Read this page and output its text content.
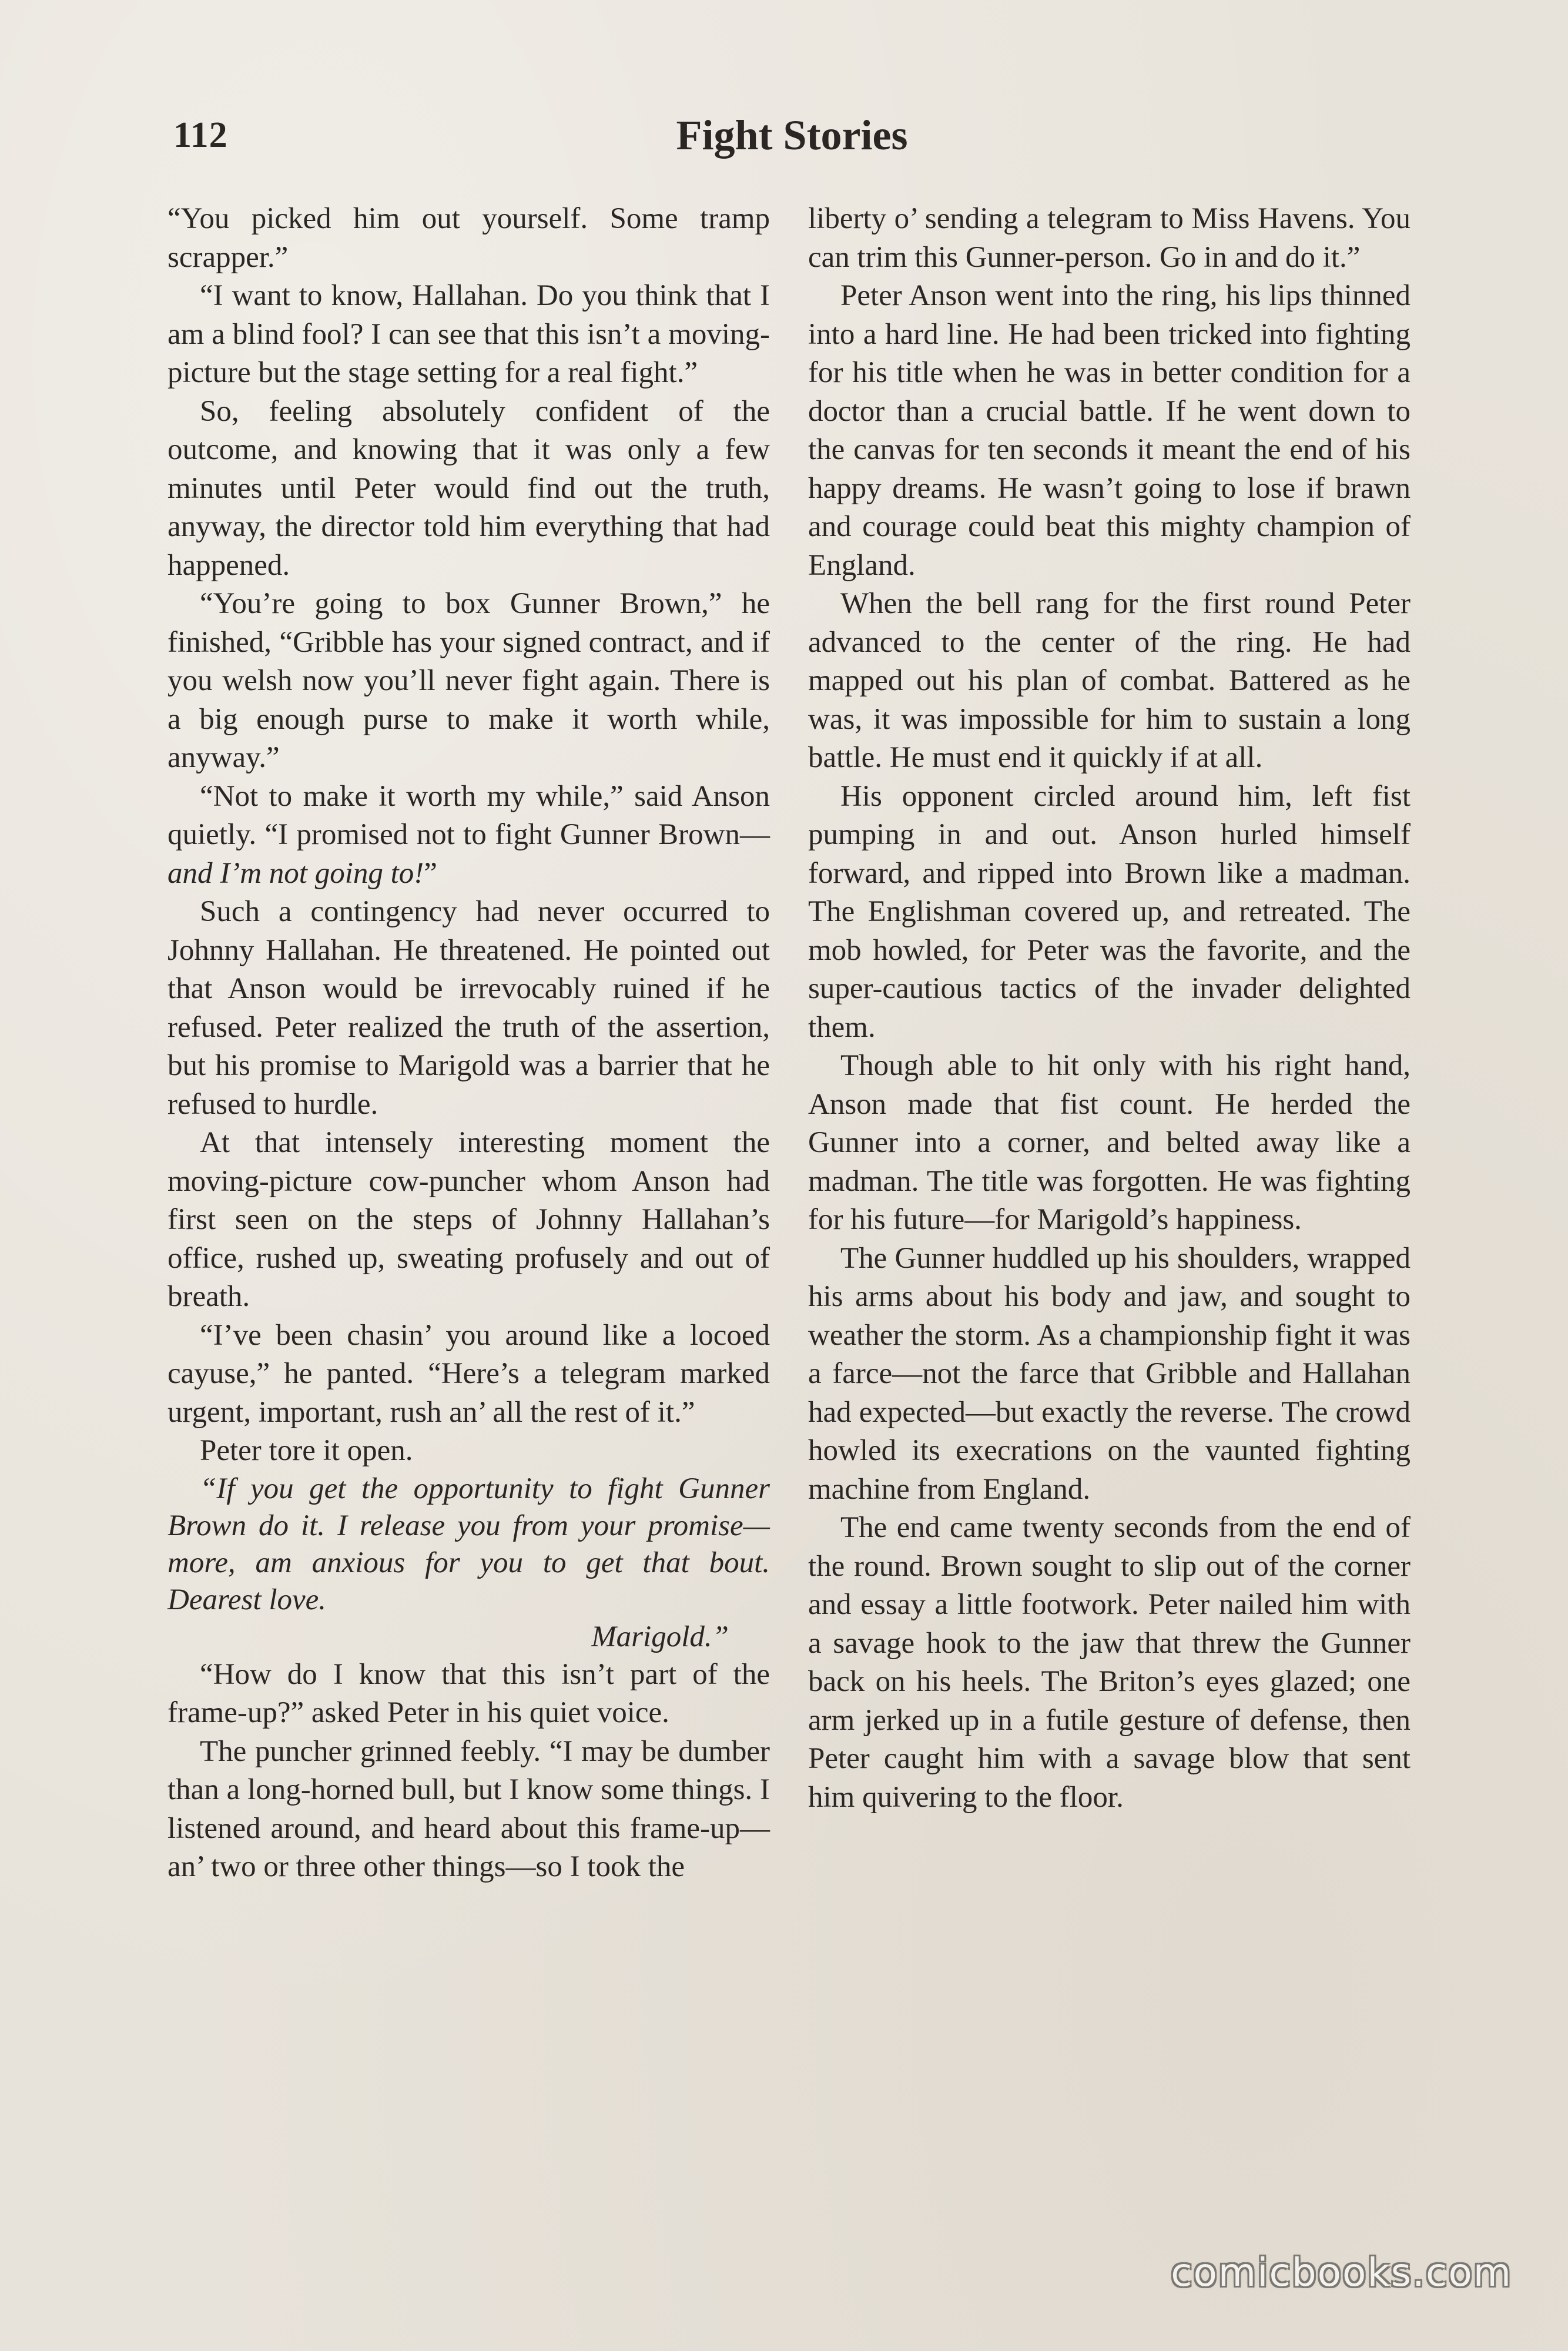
112	Fight Stories

“You picked him out yourself. Some tramp scrapper.”

“I want to know, Hallahan. Do you think that I am a blind fool? I can see that this isn’t a moving-picture but the stage setting for a real fight.”

So, feeling absolutely confident of the outcome, and knowing that it was only a few minutes until Peter would find out the truth, anyway, the director told him everything that had happened.

“You’re going to box Gunner Brown,” he finished, “Gribble has your signed contract, and if you welsh now you’ll never fight again. There is a big enough purse to make it worth while, anyway.”

“Not to make it worth my while,” said Anson quietly. “I promised not to fight Gunner Brown—and I’m not going to!”

Such a contingency had never occurred to Johnny Hallahan. He threatened. He pointed out that Anson would be irrevocably ruined if he refused. Peter realized the truth of the assertion, but his promise to Marigold was a barrier that he refused to hurdle.

At that intensely interesting moment the moving-picture cow-puncher whom Anson had first seen on the steps of Johnny Hallahan’s office, rushed up, sweating profusely and out of breath.

“I’ve been chasin’ you around like a locoed cayuse,” he panted. “Here’s a telegram marked urgent, important, rush an’ all the rest of it.”

Peter tore it open.

“If you get the opportunity to fight Gunner Brown do it. I release you from your promise—more, am anxious for you to get that bout. Dearest love.
Marigold.”

“How do I know that this isn’t part of the frame-up?” asked Peter in his quiet voice.

The puncher grinned feebly. “I may be dumber than a long-horned bull, but I know some things. I listened around, and heard about this frame-up—an’ two or three other things—so I took the

liberty o’ sending a telegram to Miss Havens. You can trim this Gunner-person. Go in and do it.”

Peter Anson went into the ring, his lips thinned into a hard line. He had been tricked into fighting for his title when he was in better condition for a doctor than a crucial battle. If he went down to the canvas for ten seconds it meant the end of his happy dreams. He wasn’t going to lose if brawn and courage could beat this mighty champion of England.

When the bell rang for the first round Peter advanced to the center of the ring. He had mapped out his plan of combat. Battered as he was, it was impossible for him to sustain a long battle. He must end it quickly if at all.

His opponent circled around him, left fist pumping in and out. Anson hurled himself forward, and ripped into Brown like a madman. The Englishman covered up, and retreated. The mob howled, for Peter was the favorite, and the super-cautious tactics of the invader delighted them.

Though able to hit only with his right hand, Anson made that fist count. He herded the Gunner into a corner, and belted away like a madman. The title was forgotten. He was fighting for his future—for Marigold’s happiness.

The Gunner huddled up his shoulders, wrapped his arms about his body and jaw, and sought to weather the storm. As a championship fight it was a farce—not the farce that Gribble and Hallahan had expected—but exactly the reverse. The crowd howled its execrations on the vaunted fighting machine from England.

The end came twenty seconds from the end of the round. Brown sought to slip out of the corner and essay a little footwork. Peter nailed him with a savage hook to the jaw that threw the Gunner back on his heels. The Briton’s eyes glazed; one arm jerked up in a futile gesture of defense, then Peter caught him with a savage blow that sent him quivering to the floor.

comicbooks.com
